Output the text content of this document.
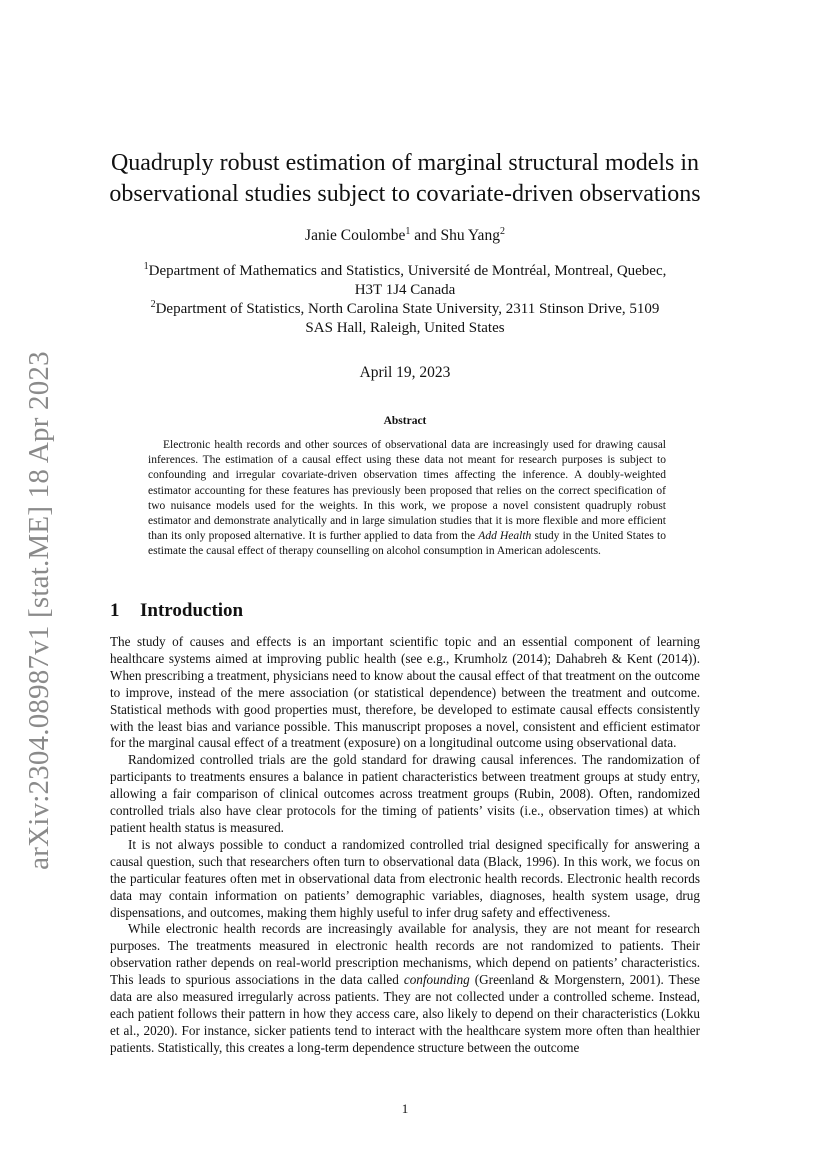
arXiv:2304.08987v1 [stat.ME] 18 Apr 2023
Quadruply robust estimation of marginal structural models in
observational studies subject to covariate-driven observations
Janie Coulombe$^1$ and Shu Yang$^2$
$^1$Department of Mathematics and Statistics, Université de Montréal, Montreal, Quebec,
H3T 1J4 Canada
$^2$Department of Statistics, North Carolina State University, 2311 Stinson Drive, 5109
SAS Hall, Raleigh, United States
April 19, 2023
Abstract

Electronic health records and other sources of observational data are increasingly used for drawing causal inferences. The estimation of a causal effect using these data not meant for research purposes is subject to confounding and irregular covariate-driven observation times affecting the inference. A doubly-weighted estimator accounting for these features has previously been proposed that relies on the correct specification of two nuisance models used for the weights. In this work, we propose a novel consistent quadruply robust estimator and demonstrate analytically and in large simulation studies that it is more flexible and more efficient than its only proposed alternative. It is further applied to data from the Add Health study in the United States to estimate the causal effect of therapy counselling on alcohol consumption in American adolescents.

1 Introduction

The study of causes and effects is an important scientific topic and an essential component of learning healthcare systems aimed at improving public health (see e.g., Krumholz (2014); Dahabreh & Kent (2014)). When prescribing a treatment, physicians need to know about the causal effect of that treatment on the outcome to improve, instead of the mere association (or statistical dependence) between the treatment and outcome. Statistical methods with good properties must, therefore, be developed to estimate causal effects consistently with the least bias and variance possible. This manuscript proposes a novel, consistent and efficient estimator for the marginal causal effect of a treatment (exposure) on a longitudinal outcome using observational data.

Randomized controlled trials are the gold standard for drawing causal inferences. The randomization of participants to treatments ensures a balance in patient characteristics between treatment groups at study entry, allowing a fair comparison of clinical outcomes across treatment groups (Rubin, 2008). Often, randomized controlled trials also have clear protocols for the timing of patients’ visits (i.e., observation times) at which patient health status is measured.

It is not always possible to conduct a randomized controlled trial designed specifically for answering a causal question, such that researchers often turn to observational data (Black, 1996). In this work, we focus on the particular features often met in observational data from electronic health records. Electronic health records data may contain information on patients’ demographic variables, diagnoses, health system usage, drug dispensations, and outcomes, making them highly useful to infer drug safety and effectiveness.

While electronic health records are increasingly available for analysis, they are not meant for research purposes. The treatments measured in electronic health records are not randomized to patients. Their observation rather depends on real-world prescription mechanisms, which depend on patients’ characteristics. This leads to spurious associations in the data called confounding (Greenland & Morgenstern, 2001). These data are also measured irregularly across patients. They are not collected under a controlled scheme. Instead, each patient follows their pattern in how they access care, also likely to depend on their characteristics (Lokku et al., 2020). For instance, sicker patients tend to interact with the healthcare system more often than healthier patients. Statistically, this creates a long-term dependence structure between the outcome

1
